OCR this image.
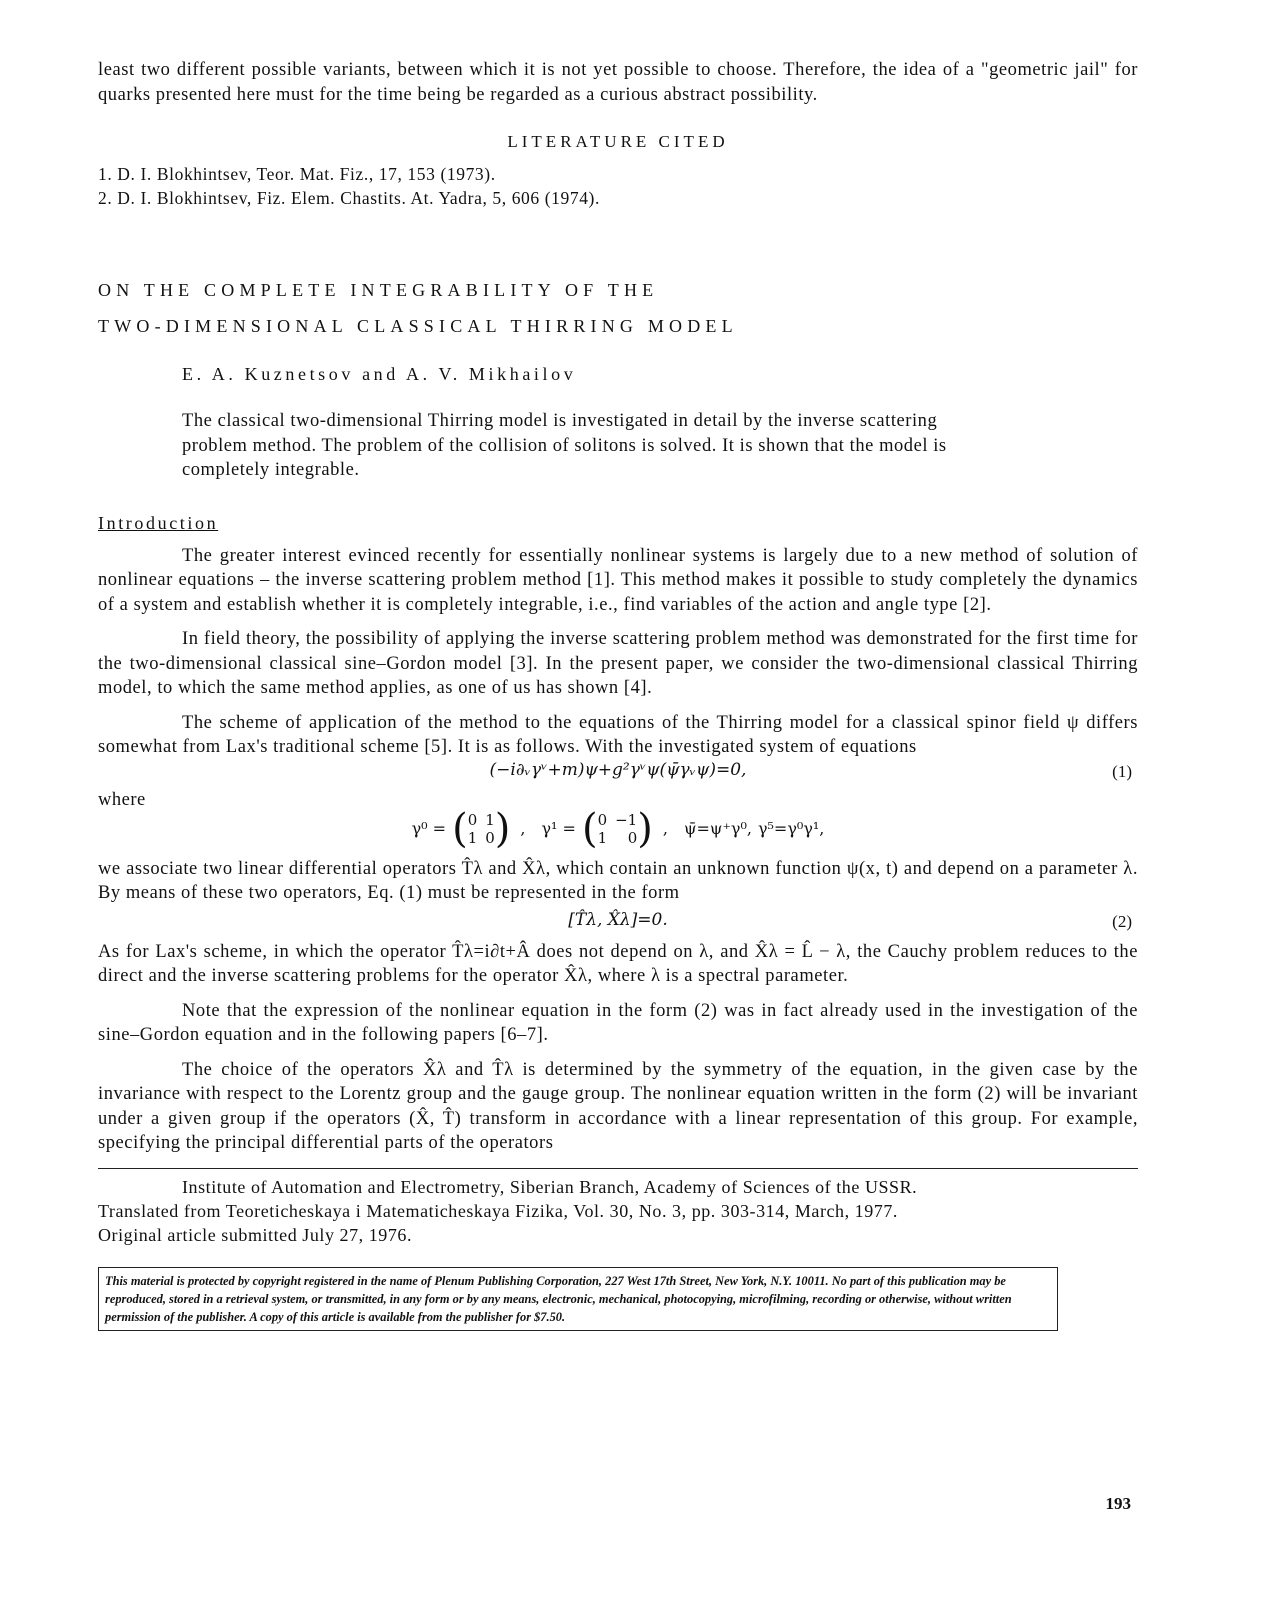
least two different possible variants, between which it is not yet possible to choose. Therefore, the idea of a "geometric jail" for quarks presented here must for the time being be regarded as a curious abstract possibility.

LITERATURE CITED
1. D. I. Blokhintsev, Teor. Mat. Fiz., 17, 153 (1973).
2. D. I. Blokhintsev, Fiz. Elem. Chastits. At. Yadra, 5, 606 (1974).
ON THE COMPLETE INTEGRABILITY OF THE
TWO-DIMENSIONAL CLASSICAL THIRRING MODEL
E. A. Kuznetsov and A. V. Mikhailov

The classical two-dimensional Thirring model is investigated in detail by the inverse scattering problem method. The problem of the collision of solitons is solved. It is shown that the model is completely integrable.

Introduction

The greater interest evinced recently for essentially nonlinear systems is largely due to a new method of solution of nonlinear equations – the inverse scattering problem method [1]. This method makes it possible to study completely the dynamics of a system and establish whether it is completely integrable, i.e., find variables of the action and angle type [2].

In field theory, the possibility of applying the inverse scattering problem method was demonstrated for the first time for the two-dimensional classical sine–Gordon model [3]. In the present paper, we consider the two-dimensional classical Thirring model, to which the same method applies, as one of us has shown [4].

The scheme of application of the method to the equations of the Thirring model for a classical spinor field ψ differs somewhat from Lax's traditional scheme [5]. It is as follows. With the investigated system of equations

(−i∂ᵥγᵛ+m)ψ+g²γᵛψ(ψ̄γᵥψ)=0,	(1)
where
γ⁰ = ( 0 1
1 0 ) , γ¹ = ( 0 −1
1	0 ) , ψ̄=ψ⁺γ⁰, γ⁵=γ⁰γ¹,

we associate two linear differential operators T̂λ and X̂λ, which contain an unknown function ψ(x, t) and depend on a parameter λ. By means of these two operators, Eq. (1) must be represented in the form

[T̂λ, X̂λ]=0.	(2)

As for Lax's scheme, in which the operator T̂λ=i∂t+Â does not depend on λ, and X̂λ = L̂ − λ, the Cauchy problem reduces to the direct and the inverse scattering problems for the operator X̂λ, where λ is a spectral parameter.

Note that the expression of the nonlinear equation in the form (2) was in fact already used in the investigation of the sine–Gordon equation and in the following papers [6–7].

The choice of the operators X̂λ and T̂λ is determined by the symmetry of the equation, in the given case by the invariance with respect to the Lorentz group and the gauge group. The nonlinear equation written in the form (2) will be invariant under a given group if the operators (X̂, T̂) transform in accordance with a linear representation of this group. For example, specifying the principal differential parts of the operators

Institute of Automation and Electrometry, Siberian Branch, Academy of Sciences of the USSR.
Translated from Teoreticheskaya i Matematicheskaya Fizika, Vol. 30, No. 3, pp. 303-314, March, 1977.
Original article submitted July 27, 1976.
This material is protected by copyright registered in the name of Plenum Publishing Corporation, 227 West 17th Street, New York, N.Y. 10011. No part of this publication may be reproduced, stored in a retrieval system, or transmitted, in any form or by any means, electronic, mechanical, photocopying, microfilming, recording or otherwise, without written permission of the publisher. A copy of this article is available from the publisher for $7.50.
193
